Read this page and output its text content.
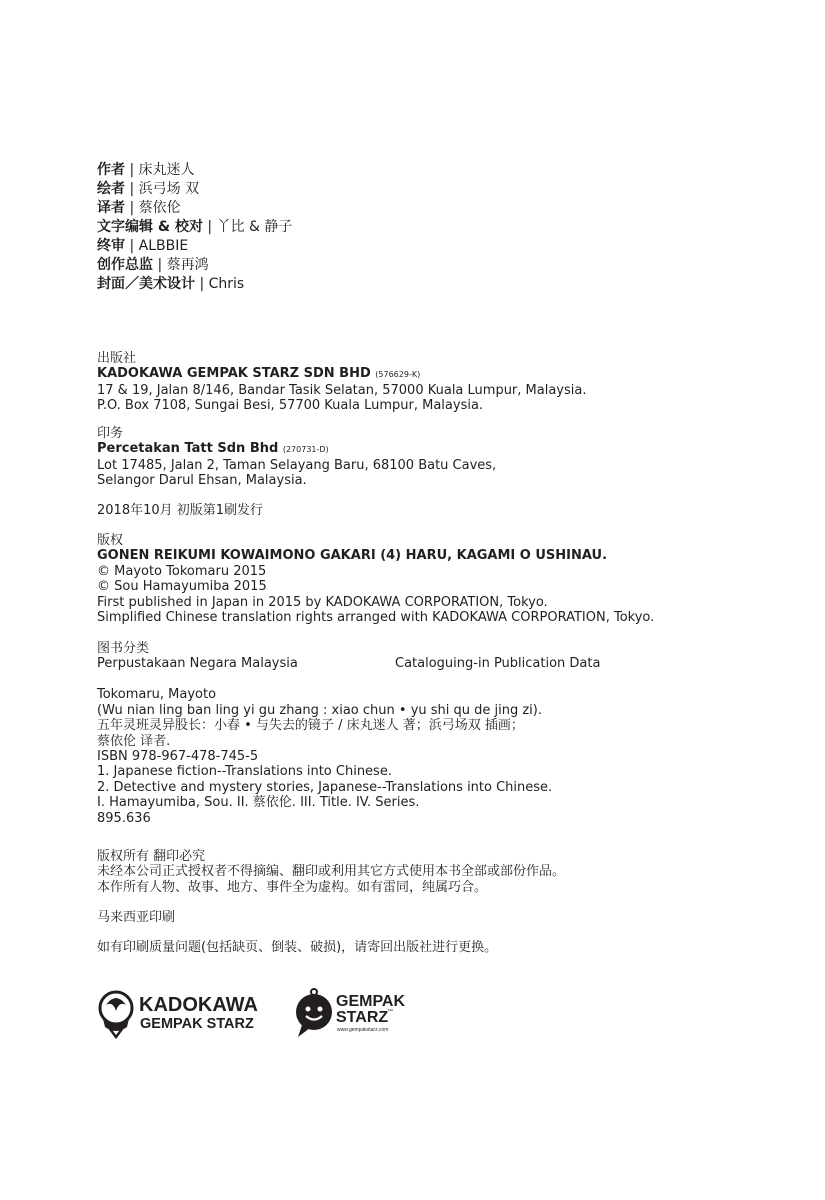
作者 | 床丸迷人
绘者 | 浜弓场 双
译者 | 蔡依伦
文字编辑 & 校对 | 丫比 & 静子
终审 | ALBBIE
创作总监 | 蔡再鸿
封面／美术设计 | Chris
出版社
KADOKAWA GEMPAK STARZ SDN BHD (576629-K)
17 & 19, Jalan 8/146, Bandar Tasik Selatan, 57000 Kuala Lumpur, Malaysia.
P.O. Box 7108, Sungai Besi, 57700 Kuala Lumpur, Malaysia.
印务
Percetakan Tatt Sdn Bhd (270731-D)
Lot 17485, Jalan 2, Taman Selayang Baru, 68100 Batu Caves,
Selangor Darul Ehsan, Malaysia.
2018年10月 初版第1刷发行
版权
GONEN REIKUMI KOWAIMONO GAKARI (4) HARU, KAGAMI O USHINAU.
© Mayoto Tokomaru 2015
© Sou Hamayumiba 2015
First published in Japan in 2015 by KADOKAWA CORPORATION, Tokyo.
Simplified Chinese translation rights arranged with KADOKAWA CORPORATION, Tokyo.
图书分类
Perpustakaan Negara Malaysia	Cataloguing-in Publication Data
Tokomaru, Mayoto
(Wu nian ling ban ling yi gu zhang : xiao chun • yu shi qu de jing zi).
五年灵班灵异股长：小春 • 与失去的镜子 / 床丸迷人 著；浜弓场双 插画；
蔡依伦 译者.
ISBN 978-967-478-745-5
1. Japanese fiction--Translations into Chinese.
2. Detective and mystery stories, Japanese--Translations into Chinese.
I. Hamayumiba, Sou. II. 蔡依伦. III. Title. IV. Series.
895.636
版权所有 翻印必究
未经本公司正式授权者不得摘编、翻印或利用其它方式使用本书全部或部份作品。
本作所有人物、故事、地方、事件全为虚构。如有雷同，纯属巧合。
马来西亚印刷
如有印刷质量问题(包括缺页、倒装、破损)，请寄回出版社进行更换。
KADOKAWA
GEMPAK STARZ
GEMPAK
STARZ
™
www.gempakstarz.com
